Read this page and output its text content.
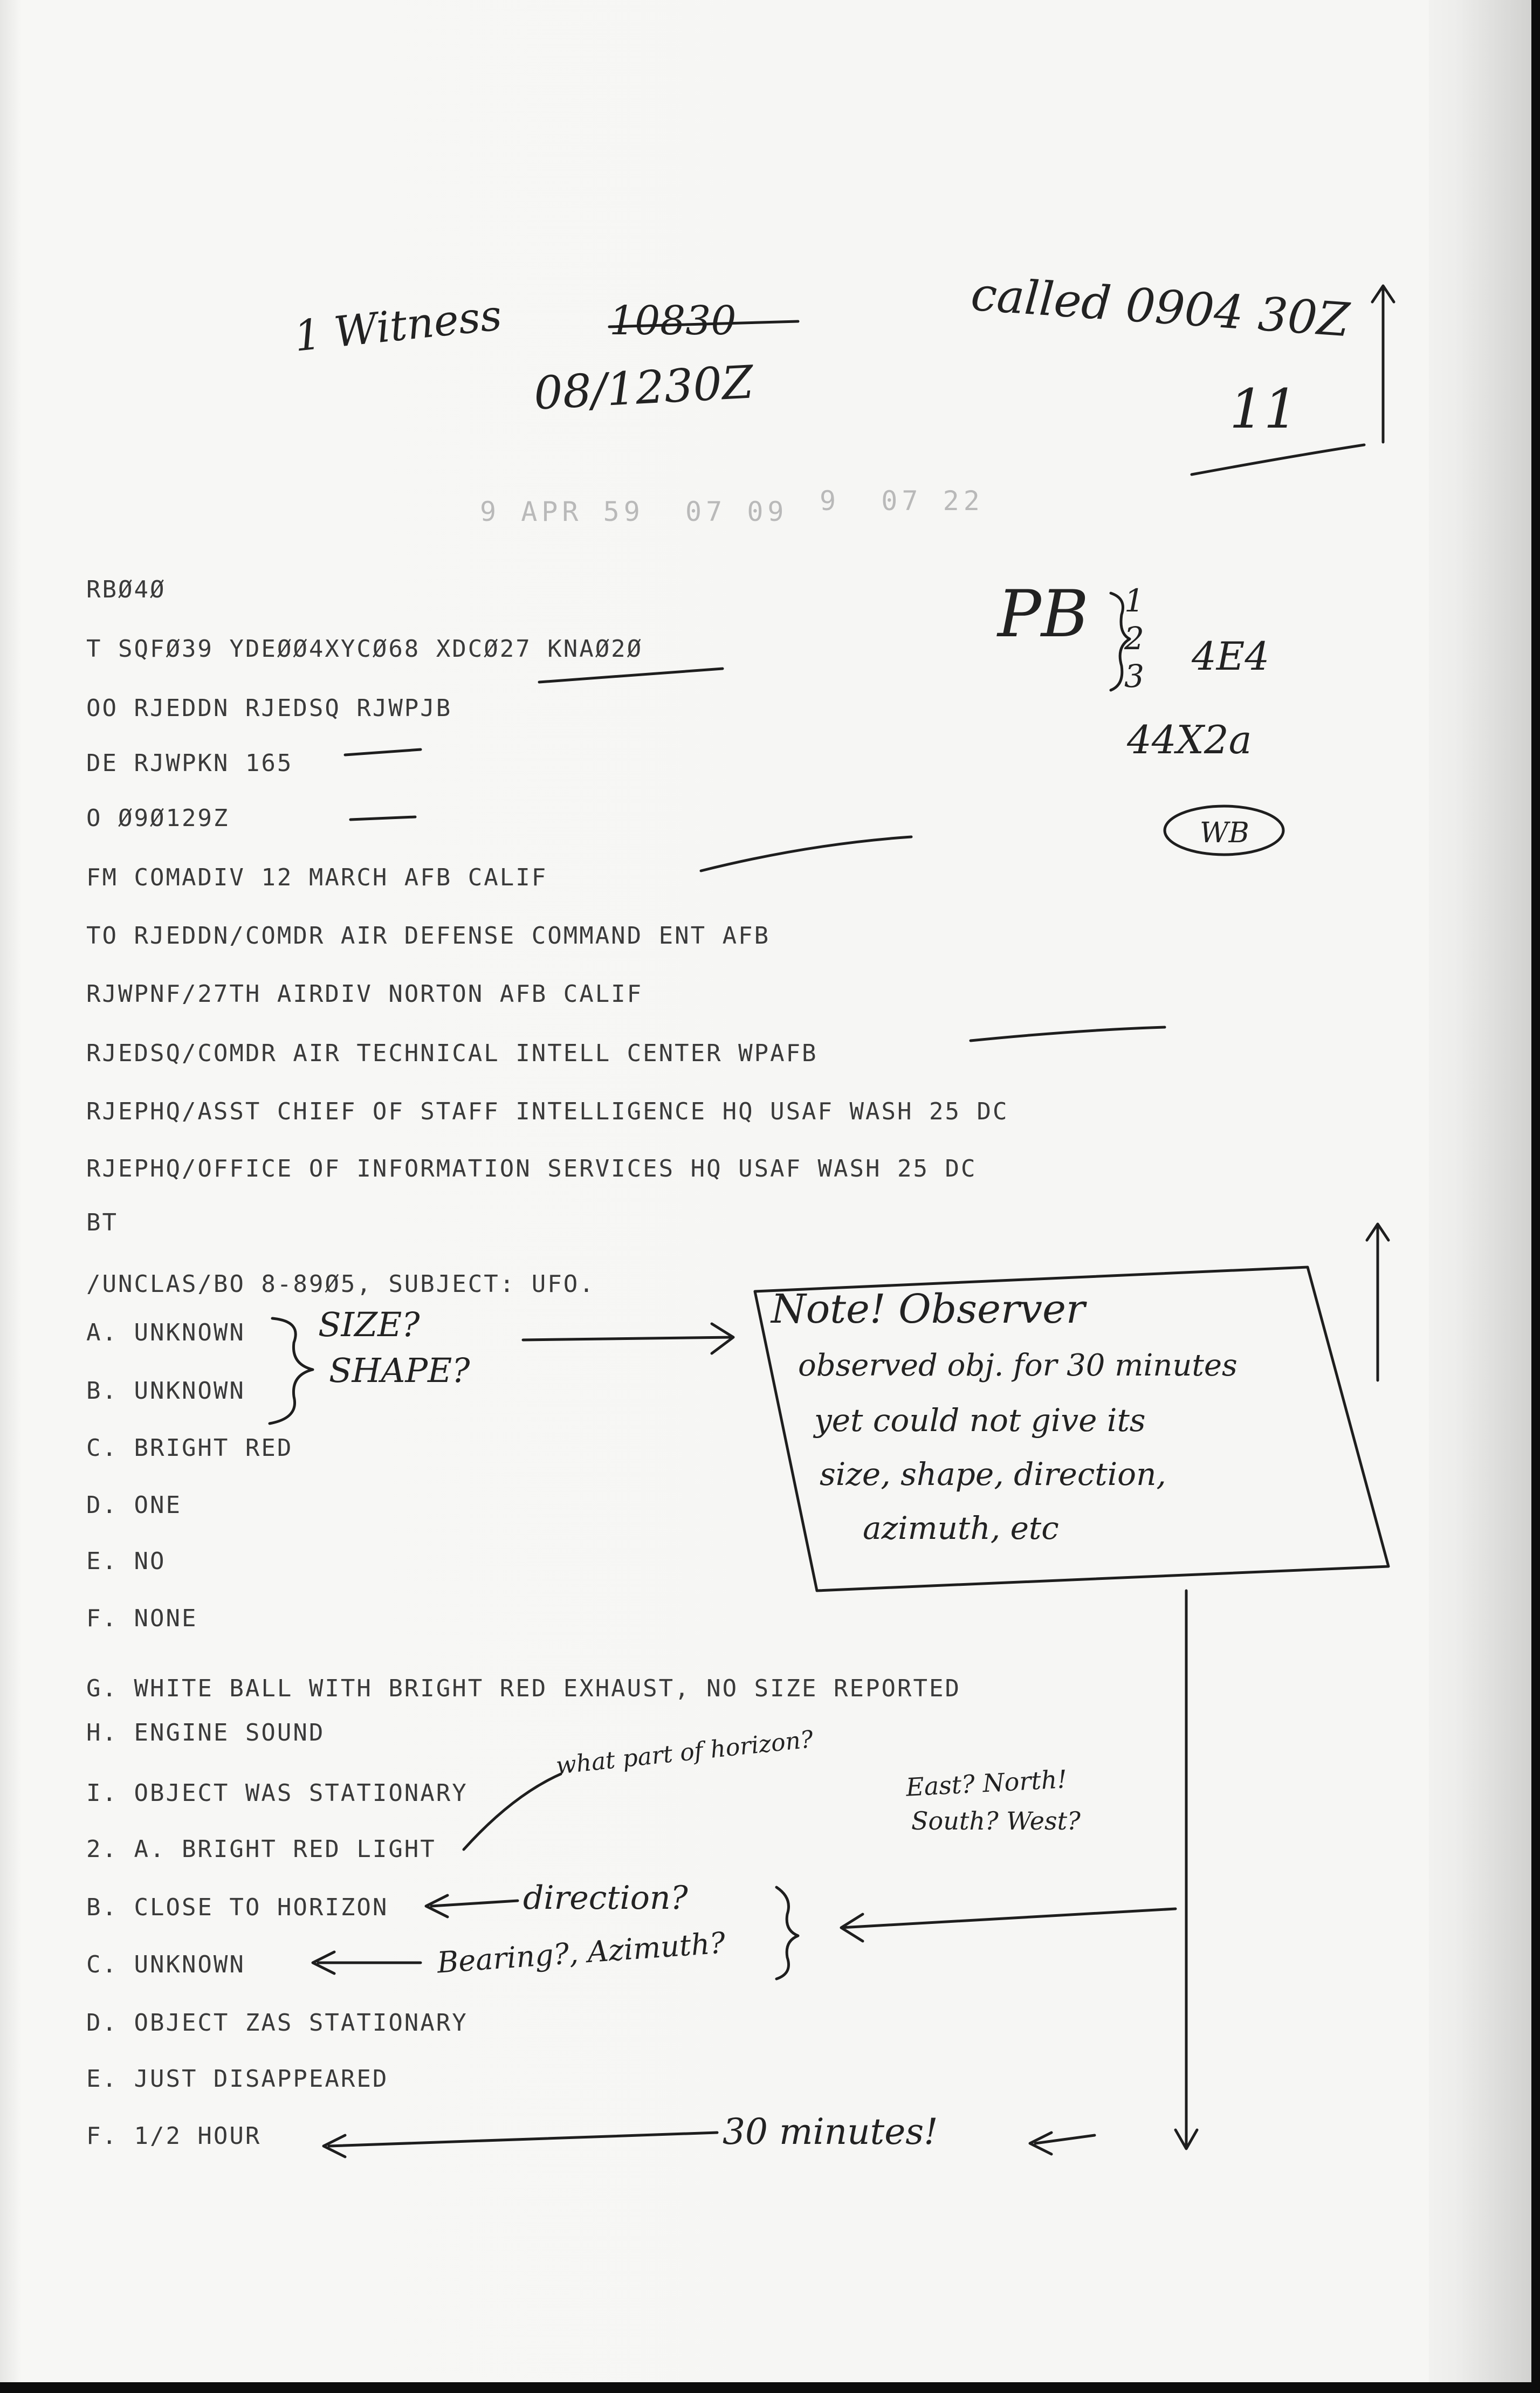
9 APR 59  07 09 9  07 22
RBØ4Ø
T SQFØ39 YDEØØ4XYCØ68 XDCØ27 KNAØ2Ø
OO RJEDDN RJEDSQ RJWPJB
DE RJWPKN 165
O Ø9Ø129Z
FM COMADIV 12 MARCH AFB CALIF
TO RJEDDN/COMDR AIR DEFENSE COMMAND ENT AFB
RJWPNF/27TH AIRDIV NORTON AFB CALIF
RJEDSQ/COMDR AIR TECHNICAL INTELL CENTER WPAFB
RJEPHQ/ASST CHIEF OF STAFF INTELLIGENCE HQ USAF WASH 25 DC
RJEPHQ/OFFICE OF INFORMATION SERVICES HQ USAF WASH 25 DC
BT
/UNCLAS/BO 8-89Ø5, SUBJECT: UFO.
A. UNKNOWN
B. UNKNOWN
C. BRIGHT RED
D. ONE
E. NO
F. NONE
G. WHITE BALL WITH BRIGHT RED EXHAUST, NO SIZE REPORTED
H. ENGINE SOUND
I. OBJECT WAS STATIONARY
2. A. BRIGHT RED LIGHT
B. CLOSE TO HORIZON
C. UNKNOWN
D. OBJECT ZAS STATIONARY
E. JUST DISAPPEARED
F. 1/2 HOUR
1 Witness	10830
08/1230Z
called 0904 30Z
11
PB 1
2
3 4E4
44X2a
WB
SIZE?
SHAPE?
Note! Observer
observed obj. for 30 minutes
yet could not give its
size, shape, direction,
azimuth, etc
what part of horizon?
East? North!
South? West?
direction?
Bearing?, Azimuth?
30 minutes!
